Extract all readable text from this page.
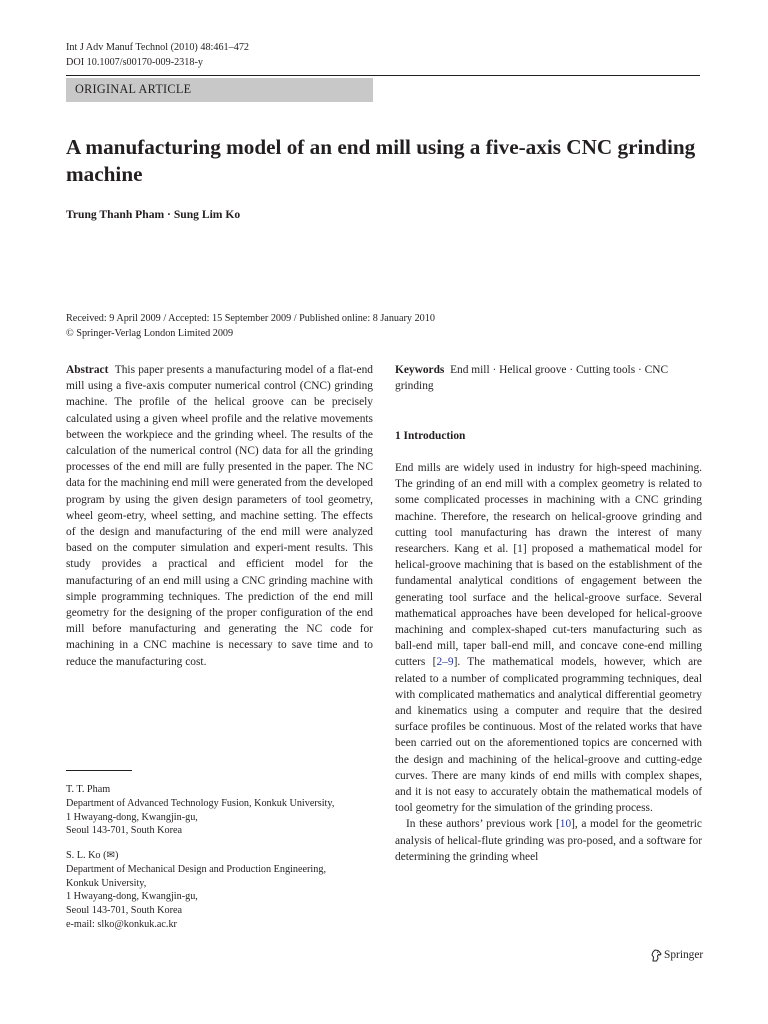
Int J Adv Manuf Technol (2010) 48:461–472
DOI 10.1007/s00170-009-2318-y
ORIGINAL ARTICLE
A manufacturing model of an end mill using a five-axis CNC grinding machine
Trung Thanh Pham · Sung Lim Ko
Received: 9 April 2009 / Accepted: 15 September 2009 / Published online: 8 January 2010
© Springer-Verlag London Limited 2009
Abstract This paper presents a manufacturing model of a flat-end mill using a five-axis computer numerical control (CNC) grinding machine. The profile of the helical groove can be precisely calculated using a given wheel profile and the relative movements between the workpiece and the grinding wheel. The results of the calculation of the numerical control (NC) data for all the grinding processes of the end mill are fully presented in the paper. The NC data for the machining end mill were generated from the developed program by using the given design parameters of tool geometry, wheel geom-etry, wheel setting, and machine setting. The effects of the design and manufacturing of the end mill were analyzed based on the computer simulation and experi-ment results. This study provides a practical and efficient model for the manufacturing of an end mill using a CNC grinding machine with simple programming techniques. The prediction of the end mill geometry for the designing of the proper configuration of the end mill before manufacturing and generating the NC code for machining in a CNC machine is necessary to save time and to reduce the manufacturing cost.
Keywords End mill · Helical groove · Cutting tools · CNC grinding
1 Introduction

End mills are widely used in industry for high-speed machining. The grinding of an end mill with a complex geometry is related to some complicated processes in machining with a CNC grinding machine. Therefore, the research on helical-groove grinding and cutting tool manufacturing has drawn the interest of many researchers. Kang et al. [1] proposed a mathematical model for helical-groove machining that is based on the establishment of the fundamental analytical conditions of engagement between the generating tool surface and the helical-groove surface. Several mathematical approaches have been developed for helical-groove machining and complex-shaped cut-ters manufacturing such as ball-end mill, taper ball-end mill, and concave cone-end milling cutters [2–9]. The mathematical models, however, which are related to a number of complicated programming techniques, deal with complicated mathematics and analytical differential geometry and kinematics using a computer and require that the desired surface profiles be continuous. Most of the related works that have been carried out on the aforementioned topics are concerned with the design and machining of the helical-groove and cutting-edge curves. There are many kinds of end mills with complex shapes, and it is not easy to accurately obtain the mathematical models of tool geometry for the simulation of the grinding process.

In these authors’ previous work [10], a model for the geometric analysis of helical-flute grinding was pro-posed, and a software for determining the grinding wheel

T. T. Pham
Department of Advanced Technology Fusion, Konkuk University,
1 Hwayang-dong, Kwangjin-gu,
Seoul 143-701, South Korea
S. L. Ko (✉)
Department of Mechanical Design and Production Engineering,
Konkuk University,
1 Hwayang-dong, Kwangjin-gu,
Seoul 143-701, South Korea
e-mail: slko@konkuk.ac.kr
Springer
